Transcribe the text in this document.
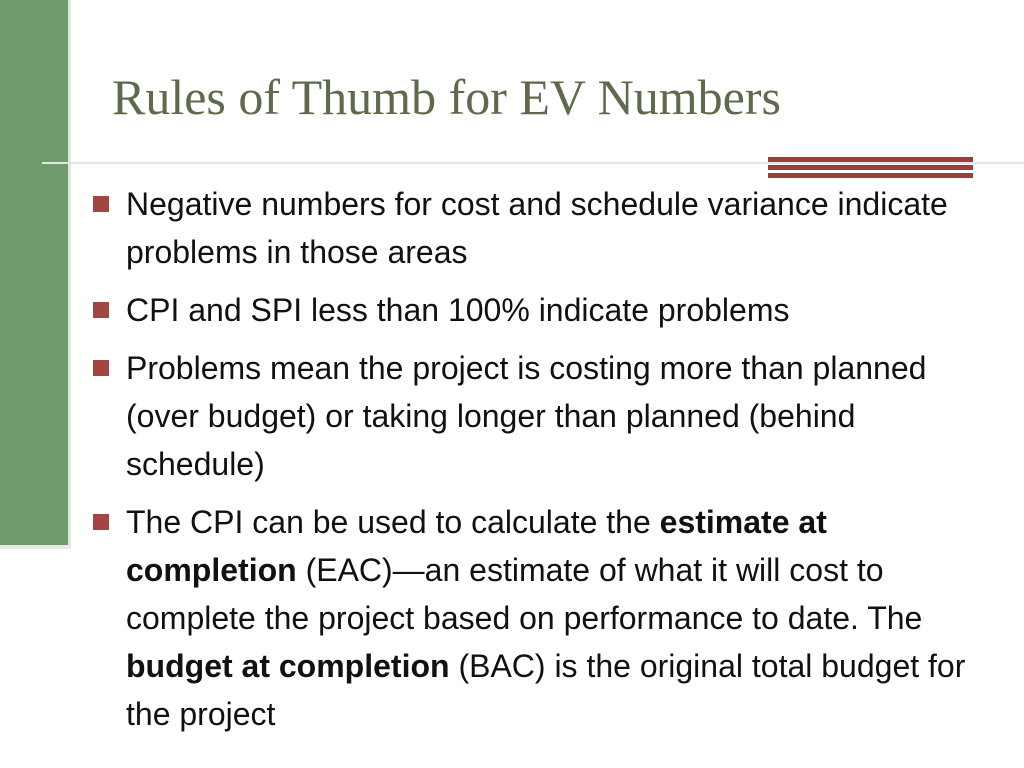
Rules of Thumb for EV Numbers
Negative numbers for cost and schedule variance indicate problems in those areas
CPI and SPI less than 100% indicate problems
Problems mean the project is costing more than planned (over budget) or taking longer than planned (behind schedule)
The CPI can be used to calculate the estimate at completion (EAC)—an estimate of what it will cost to complete the project based on performance to date. The budget at completion (BAC) is the original total budget for the project
